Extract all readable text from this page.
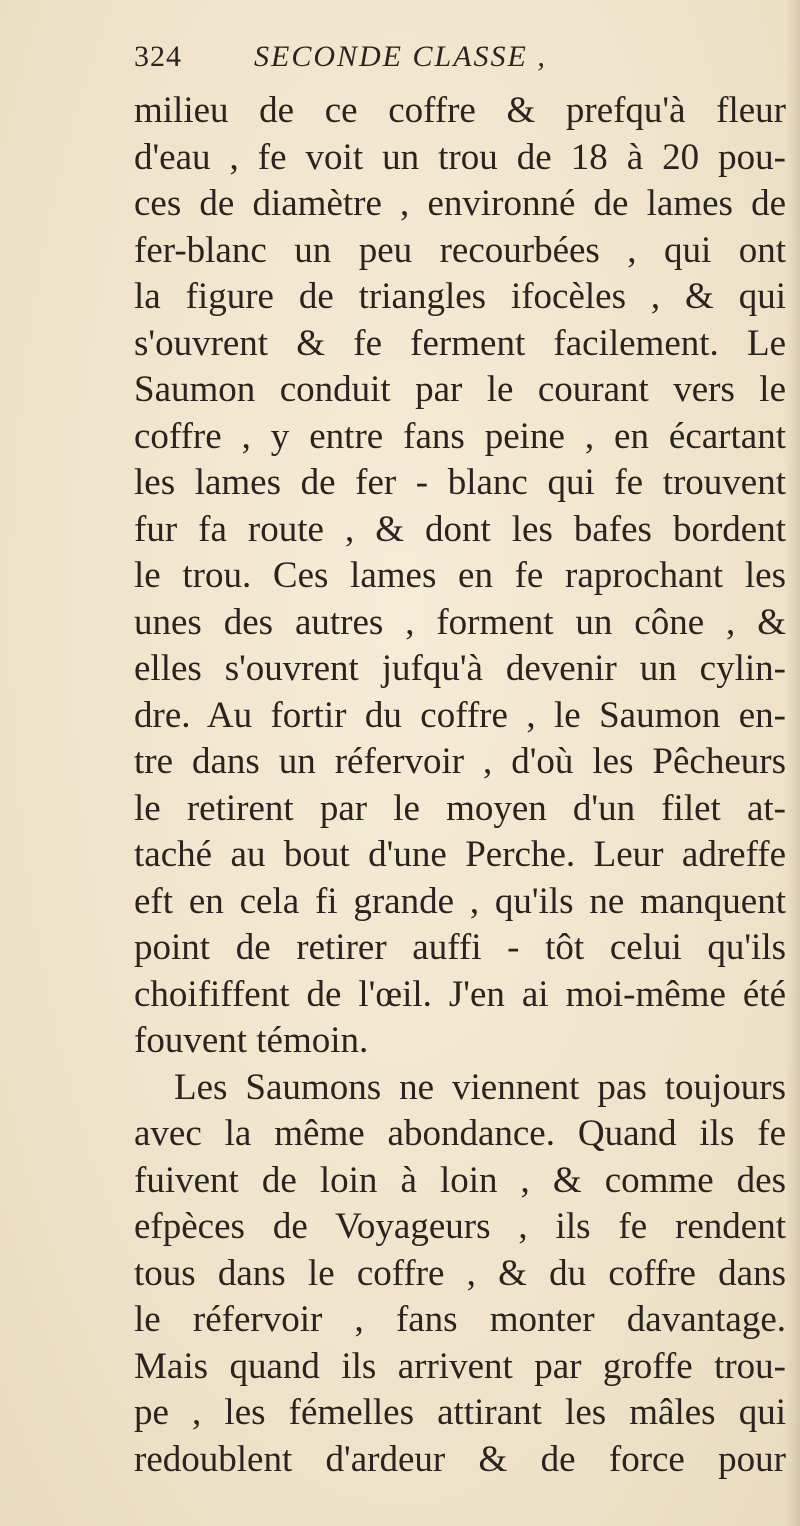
324	SECONDE CLASSE ,
milieu de ce coffre & prefqu'à fleur
d'eau , fe voit un trou de 18 à 20 pou-
ces de diamètre , environné de lames de
fer-blanc un peu recourbées , qui ont
la figure de triangles ifocèles , & qui
s'ouvrent & fe ferment facilement. Le
Saumon conduit par le courant vers le
coffre , y entre fans peine , en écartant
les lames de fer - blanc qui fe trouvent
fur fa route , & dont les bafes bordent
le trou. Ces lames en fe raprochant les
unes des autres , forment un cône , &
elles s'ouvrent jufqu'à devenir un cylin-
dre. Au fortir du coffre , le Saumon en-
tre dans un réfervoir , d'où les Pêcheurs
le retirent par le moyen d'un filet at-
taché au bout d'une Perche. Leur adreffe
eft en cela fi grande , qu'ils ne manquent
point de retirer auffi - tôt celui qu'ils
choififfent de l'œil. J'en ai moi-même été
fouvent témoin.
Les Saumons ne viennent pas toujours
avec la même abondance. Quand ils fe
fuivent de loin à loin , & comme des
efpèces de Voyageurs , ils fe rendent
tous dans le coffre , & du coffre dans
le réfervoir , fans monter davantage.
Mais quand ils arrivent par groffe trou-
pe , les fémelles attirant les mâles qui
redoublent d'ardeur & de force pour
